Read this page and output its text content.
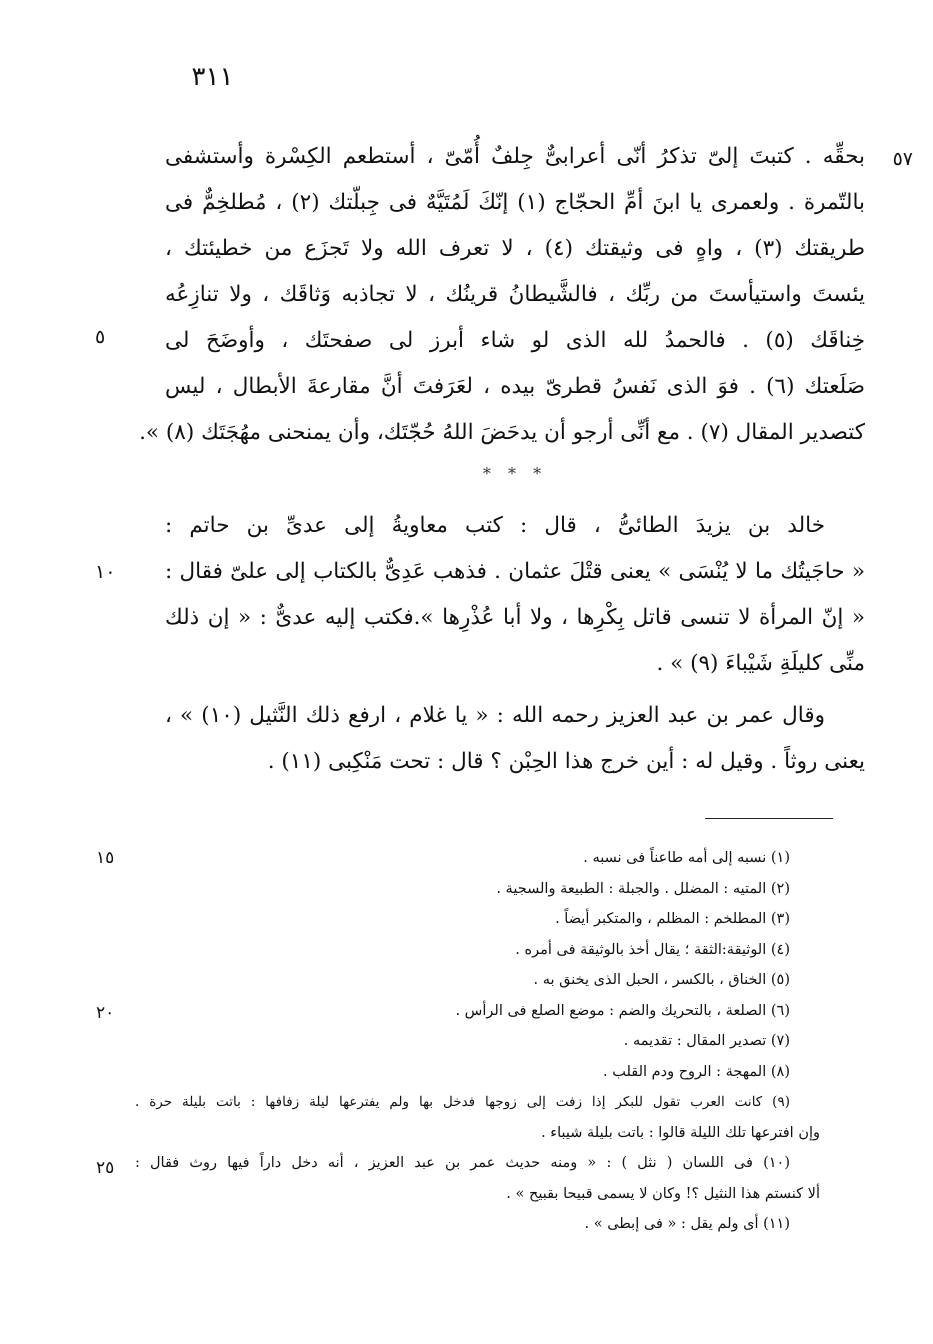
٣١١
٥٧
بحقِّه . كتبتَ إلىّ تذكرُ أنّى أعرابىٌّ جِلفٌ أُمّىّ ، أستطعم الكِسْرة وأستشفى
بالتّمرة . ولعمرى يا ابنَ أمِّ الحجّاج (١) إنّكَ لَمُتَيَّهٌ فى جِبلّتك (٢) ، مُطلخِمٌّ فى
طريقتك (٣) ، واهٍ فى وثيقتك (٤) ، لا تعرف الله ولا تَجزَع من خطيئتك ،
يئستَ واستيأستَ من ربِّك ، فالشَّيطانُ قرينُك ، لا تجاذبه وَثاقَك ، ولا تنازِعُه
خِناقَك (٥) . فالحمدُ لله الذى لو شاء أبرز لى صفحتَك ، وأوضَحَ لى
صَلَعتك (٦) . فوَ الذى نَفسُ قطرىّ بيده ، لعَرَفتَ أنَّ مقارعةَ الأبطال ، ليس
كتصدير المقال (٧) . مع أنِّى أرجو أن يدحَضَ اللهُ حُجّتَك، وأن يمنحنى مهُجَتَك (٨) ».
٥
* * *
خالد بن يزيدَ الطائىُّ ، قال : كتب معاويةُ إلى عدىِّ بن حاتم :
« حاجَيتُك ما لا يُنْسَى » يعنى قتْلَ عثمان . فذهب عَدِىٌّ بالكتاب إلى علىّ فقال :
« إنّ المرأة لا تنسى قاتل بِكْرِها ، ولا أبا عُذْرِها ».فكتب إليه عدىٌّ : « إن ذلك
منِّى كليلَةِ شَيْباءَ (٩) » .
١٠
وقال عمر بن عبد العزيز رحمه الله : « يا غلام ، ارفع ذلك النَّثيل (١٠) » ،
يعنى روثاً . وقيل له : أين خرج هذا الحِبْن ؟ قال : تحت مَنْكِبى (١١) .
١٥
٢٠
٢٥
(١) نسبه إلى أمه طاعناً فى نسبه .
(٢) المتيه : المضلل . والجبلة : الطبيعة والسجية .
(٣) المطلخم : المظلم ، والمتكبر أيضاً .
(٤) الوثيقة:الثقة ؛ يقال أخذ بالوثيقة فى أمره .
(٥) الخناق ، بالكسر ، الحبل الذى يخنق به .
(٦) الصلعة ، بالتحريك والضم : موضع الصلع فى الرأس .
(٧) تصدير المقال : تقديمه .
(٨) المهجة : الروح ودم القلب .
(٩) كانت العرب تقول للبكر إذا زفت إلى زوجها فدخل بها ولم يفترعها ليلة زفافها : باتت بليلة حرة .
وإن افترعها تلك الليلة قالوا : باتت بليلة شيباء .
(١٠) فى اللسان ( نثل ) : « ومنه حديث عمر بن عبد العزيز ، أنه دخل داراً فيها روث فقال :
ألا كنستم هذا النثيل ؟! وكان لا يسمى قبيحا بقبيح » .
(١١) أى ولم يقل : « فى إبطى » .
